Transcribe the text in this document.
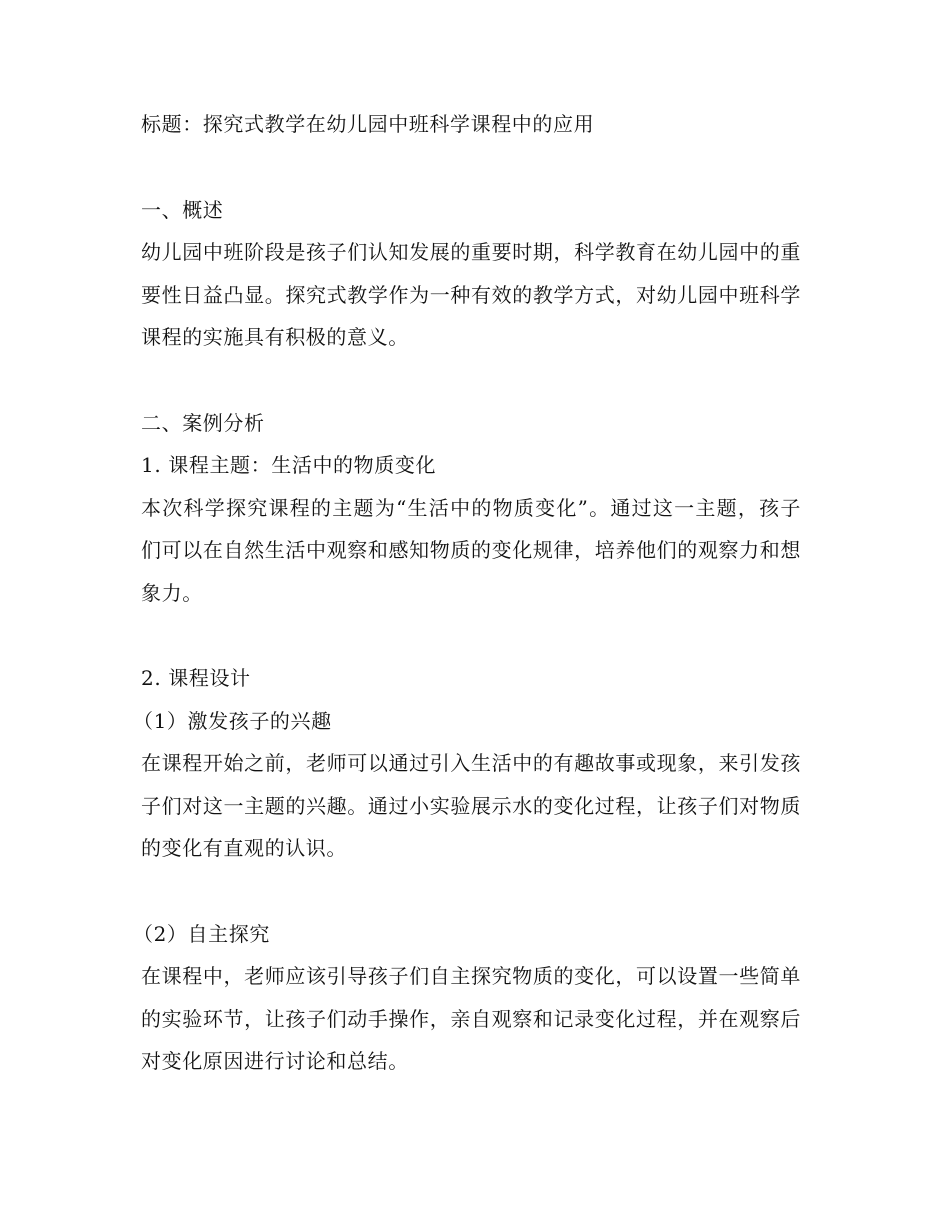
标题：探究式教学在幼儿园中班科学课程中的应用

一、概述

幼儿园中班阶段是孩子们认知发展的重要时期，科学教育在幼儿园中的重要性日益凸显。探究式教学作为一种有效的教学方式，对幼儿园中班科学课程的实施具有积极的意义。

二、案例分析

1. 课程主题：生活中的物质变化

本次科学探究课程的主题为“生活中的物质变化”。通过这一主题，孩子们可以在自然生活中观察和感知物质的变化规律，培养他们的观察力和想象力。

2. 课程设计

（1）激发孩子的兴趣

在课程开始之前，老师可以通过引入生活中的有趣故事或现象，来引发孩子们对这一主题的兴趣。通过小实验展示水的变化过程，让孩子们对物质的变化有直观的认识。

（2）自主探究

在课程中，老师应该引导孩子们自主探究物质的变化，可以设置一些简单的实验环节，让孩子们动手操作，亲自观察和记录变化过程，并在观察后对变化原因进行讨论和总结。
